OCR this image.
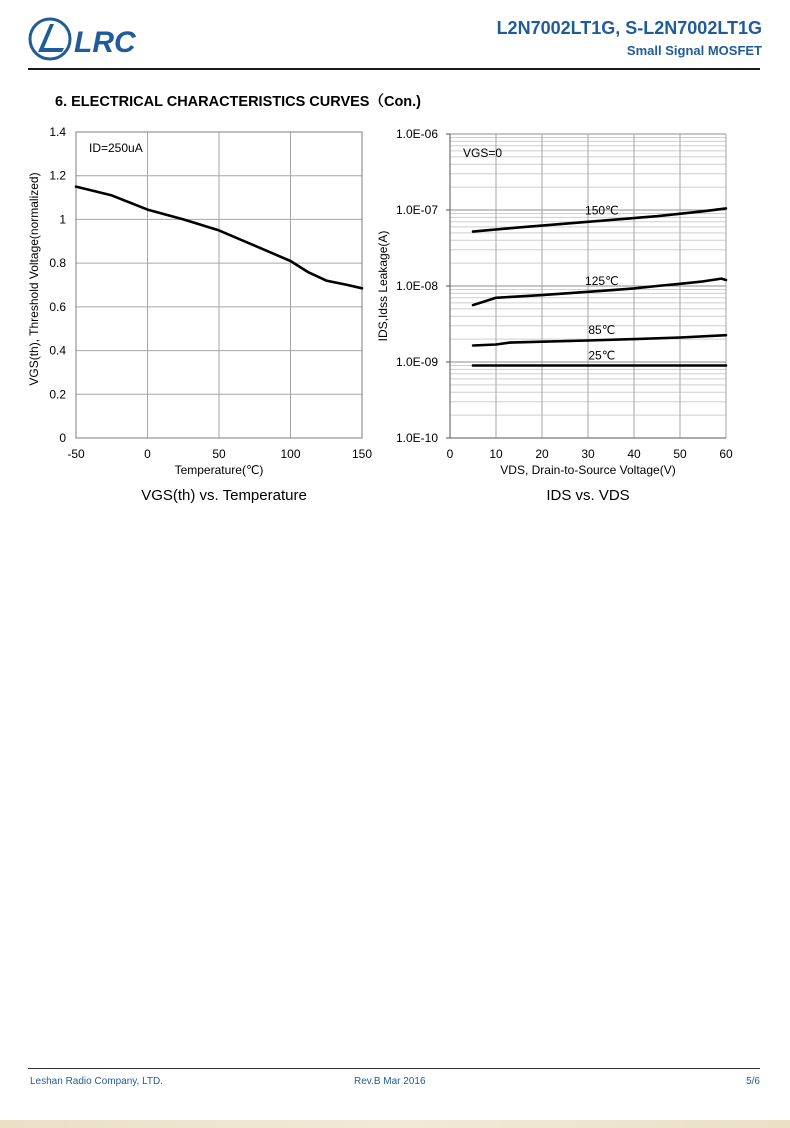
LRC	L2N7002LT1G, S-L2N7002LT1G
Small Signal MOSFET
6. ELECTRICAL CHARACTERISTICS CURVES（Con.)
0
0.2
0.4
0.6
0.8
1
1.2
1.4
-50	0	50	100	150
Temperature(℃)
VGS(th), Threshold Voltage(normalized)
ID=250uA
1.0E-10
1.0E-09
1.0E-08
1.0E-07
1.0E-06
0	10	20	30	40	50	60
VDS, Drain-to-Source Voltage(V)
IDS,Idss Leakage(A)
VGS=0
150℃
125℃
85℃
25℃
VGS(th) vs. Temperature	IDS vs. VDS
Leshan Radio Company, LTD.	Rev.B Mar 2016	5/6
